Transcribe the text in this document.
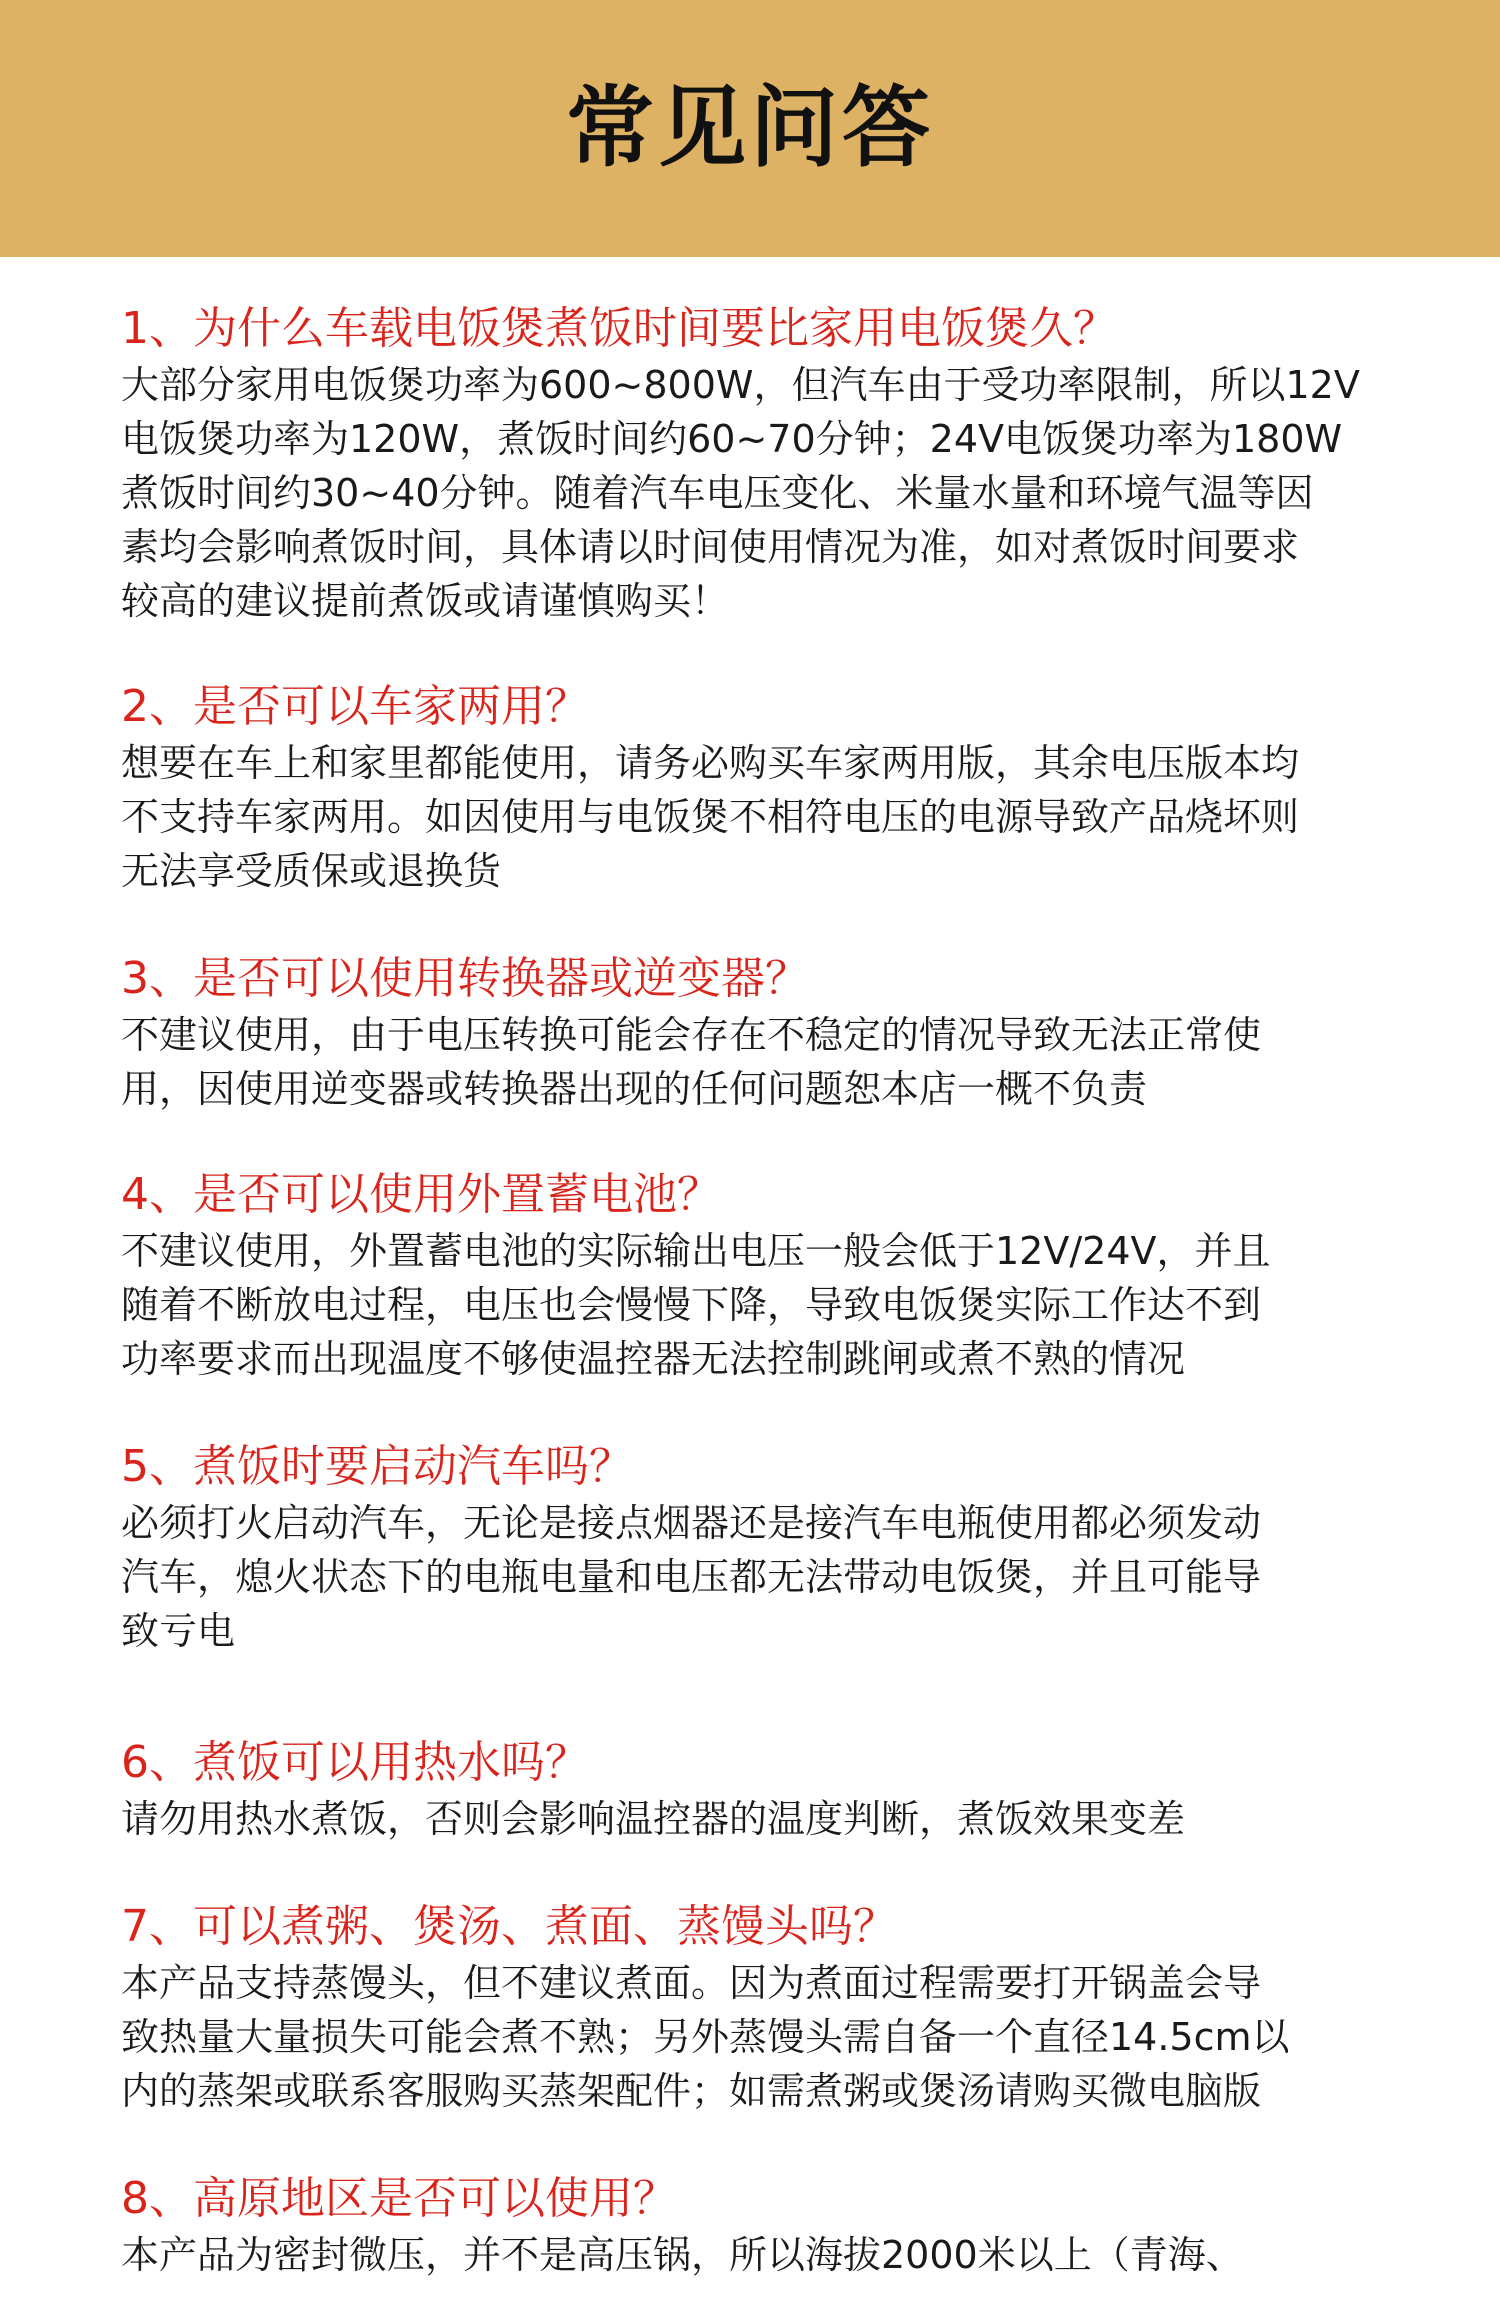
常见问答
1、为什么车载电饭煲煮饭时间要比家用电饭煲久？
大部分家用电饭煲功率为600~800W，但汽车由于受功率限制，所以12V
电饭煲功率为120W，煮饭时间约60~70分钟；24V电饭煲功率为180W
煮饭时间约30~40分钟。随着汽车电压变化、米量水量和环境气温等因
素均会影响煮饭时间，具体请以时间使用情况为准，如对煮饭时间要求
较高的建议提前煮饭或请谨慎购买！
2、是否可以车家两用？
想要在车上和家里都能使用，请务必购买车家两用版，其余电压版本均
不支持车家两用。如因使用与电饭煲不相符电压的电源导致产品烧坏则
无法享受质保或退换货
3、是否可以使用转换器或逆变器？
不建议使用，由于电压转换可能会存在不稳定的情况导致无法正常使
用，因使用逆变器或转换器出现的任何问题恕本店一概不负责
4、是否可以使用外置蓄电池？
不建议使用，外置蓄电池的实际输出电压一般会低于12V/24V，并且
随着不断放电过程，电压也会慢慢下降，导致电饭煲实际工作达不到
功率要求而出现温度不够使温控器无法控制跳闸或煮不熟的情况
5、煮饭时要启动汽车吗？
必须打火启动汽车，无论是接点烟器还是接汽车电瓶使用都必须发动
汽车，熄火状态下的电瓶电量和电压都无法带动电饭煲，并且可能导
致亏电
6、煮饭可以用热水吗？
请勿用热水煮饭，否则会影响温控器的温度判断，煮饭效果变差
7、可以煮粥、煲汤、煮面、蒸馒头吗？
本产品支持蒸馒头，但不建议煮面。因为煮面过程需要打开锅盖会导
致热量大量损失可能会煮不熟；另外蒸馒头需自备一个直径14.5cm以
内的蒸架或联系客服购买蒸架配件；如需煮粥或煲汤请购买微电脑版
8、高原地区是否可以使用？
本产品为密封微压，并不是高压锅，所以海拔2000米以上（青海、
